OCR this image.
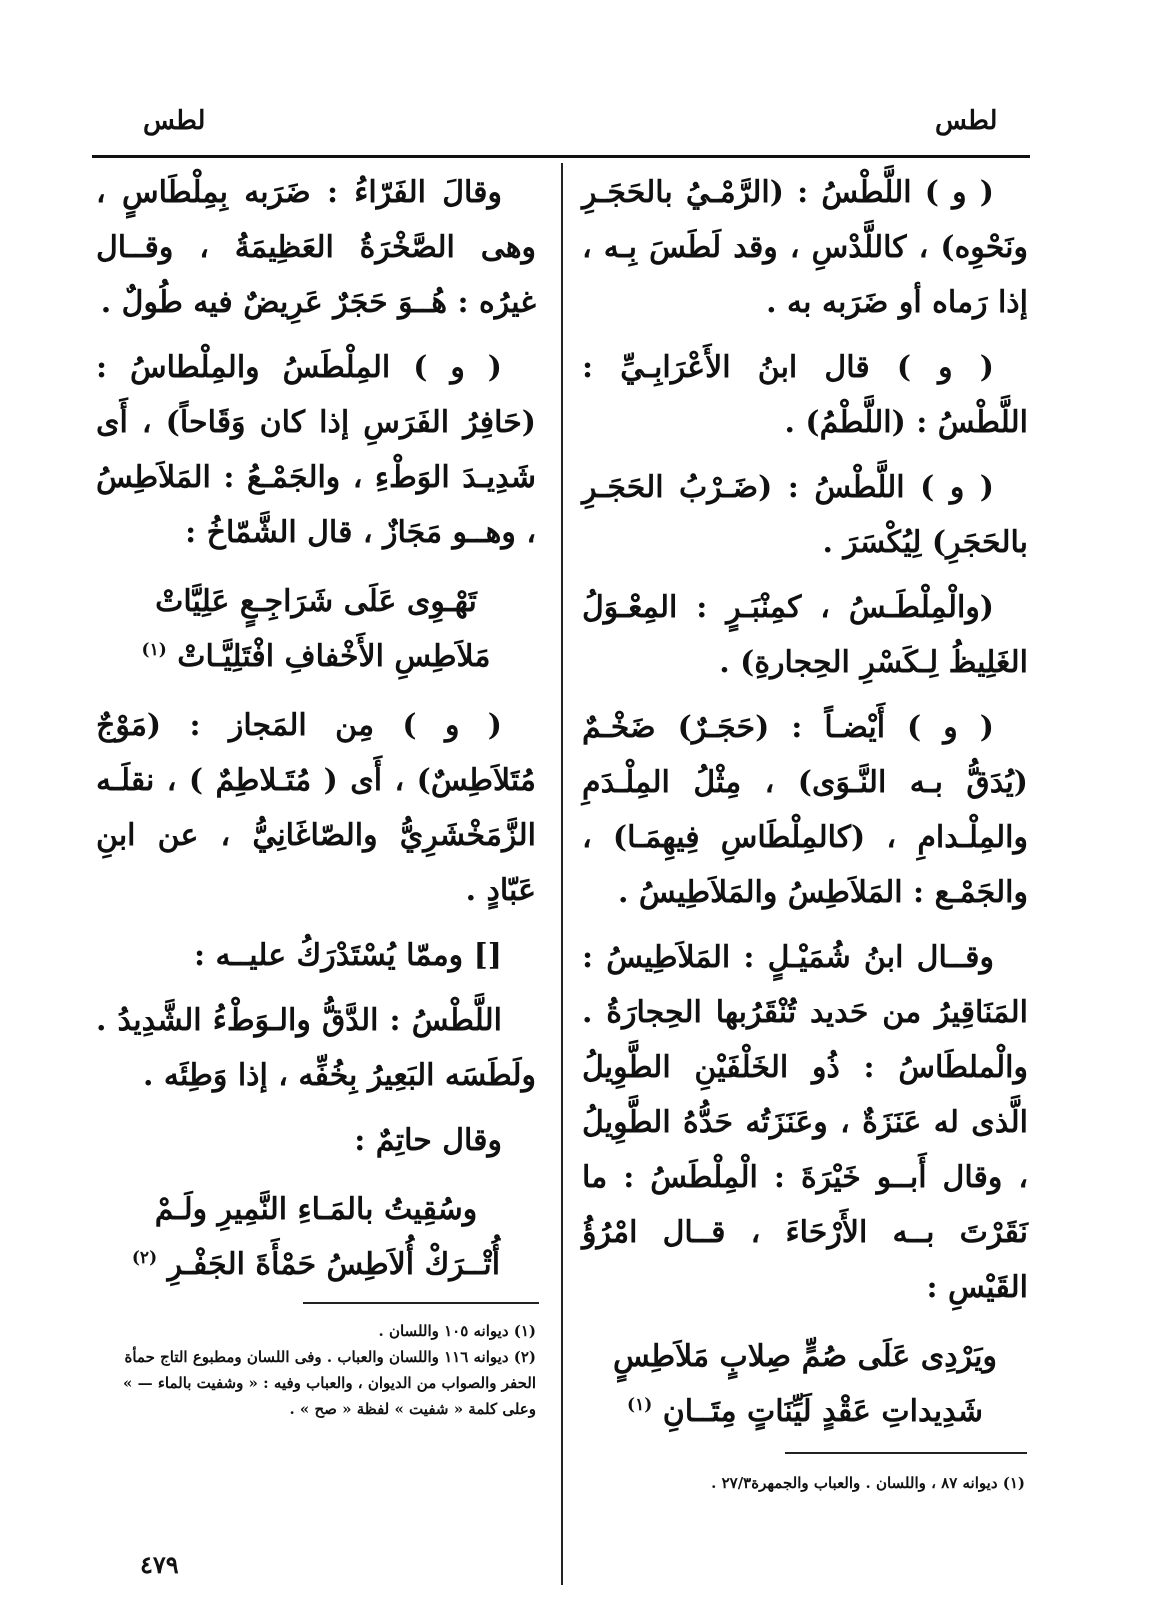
لطس
لطس

( و ) اللَّطْسُ : (الرَّمْـيُ بالحَجَـرِ ونَحْوِه) ، كاللَّدْسِ ، وقد لَطَسَ بِـه ، إذا رَماه أو ضَرَبه به .

( و ) قال ابنُ الأَعْرَابِـيِّ : اللَّطْسُ : (اللَّطْمُ) .

( و ) اللَّطْسُ : (ضَـرْبُ الحَجَـرِ بالحَجَرِ) لِيُكْسَرَ .

(والْمِلْطَـسُ ، كمِنْبَـرٍ : المِعْـوَلُ الغَلِيظُ لِـكَسْرِ الحِجارةِ) .

( و ) أَيْضـاً : (حَجَـرٌ) ضَخْـمٌ (يُدَقُّ بـه النَّـوَى) ، مِثْلُ المِلْـدَمِ والمِلْـدامِ ، (كالمِلْطَاسِ فِيهِمَـا) ، والجَمْـع : المَلاَطِسُ والمَلاَطِيسُ .

وقــال ابنُ شُمَيْـلٍ : المَلاَطِيسُ : المَنَاقِيرُ من حَديد تُنْقَرُبها الحِجارَةُ . والْملطَاسُ : ذُو الخَلْفَيْنِ الطَّوِيلُ الَّذى له عَنَزَةٌ ، وعَنَزَتُه حَدُّهُ الطَّوِيلُ ، وقال أَبــو خَيْرَةَ : الْمِلْطَسُ : ما نَقَرْتَ بــه الأَرْحَاءَ ، قــال امْرُؤُ القَيْسِ :

ويَرْدِى عَلَى صُمٍّ صِلابٍ مَلاَطِسٍ
شَدِيداتِ عَقْدٍ لَيِّنَاتٍ مِتَــانِ $^{(١)}$

وقالَ الفَرّاءُ : ضَرَبه بِمِلْطَاسٍ ، وهى الصَّخْرَةُ العَظِيمَةُ ، وقــال غيرُه : هُــوَ حَجَرٌ عَرِيضٌ فيه طُولٌ .

( و ) المِلْطَسُ والمِلْطاسُ : (حَافِرُ الفَرَسِ إذا كان وَقَاحاً) ، أَى شَدِيـدَ الوَطْءِ ، والجَمْـعُ : المَلاَطِسُ ، وهــو مَجَازٌ ، قال الشَّمّاخُ :

تَهْـوِى عَلَى شَرَاجِـعٍ عَلِيَّاتْ
مَلاَطِسِ الأَخْفافِ افْتَلِيَّـاتْ $^{(١)}$

( و ) مِن المَجاز : (مَوْجٌ مُتَلاَطِسٌ) ، أَى ( مُتَـلاطِمٌ ) ، نقلَـه الزَّمَخْشَرِيُّ والصّاغَانِيُّ ، عن ابنِ عَبّادٍ .

[] وممّا يُسْتَدْرَكُ عليــه :

اللَّطْسُ : الدَّقُّ والـوَطْءُ الشَّدِيدُ . ولَطَسَه البَعِيرُ بِخُفِّه ، إذا وَطِئَه .

وقال حاتِمٌ :

وسُقِيتُ بالمَـاءِ النَّمِيرِ ولَـمْ
أُتْــرَكْ أُلاَطِسُ حَمْأَةَ الجَفْـرِ $^{(٢)}$
(١) ديوانه ٨٧ ، واللسان . والعباب والجمهرة٢٧/٣ .
(١) ديوانه ١٠٥ واللسان .
(٢) ديوانه ١١٦ واللسان والعباب . وفى اللسان ومطبوع التاج حمأة الحفر والصواب من الديوان ، والعباب وفيه : « وشفيت بالماء — » وعلى كلمة « شفيت » لفظة « صح » .
٤٧٩
